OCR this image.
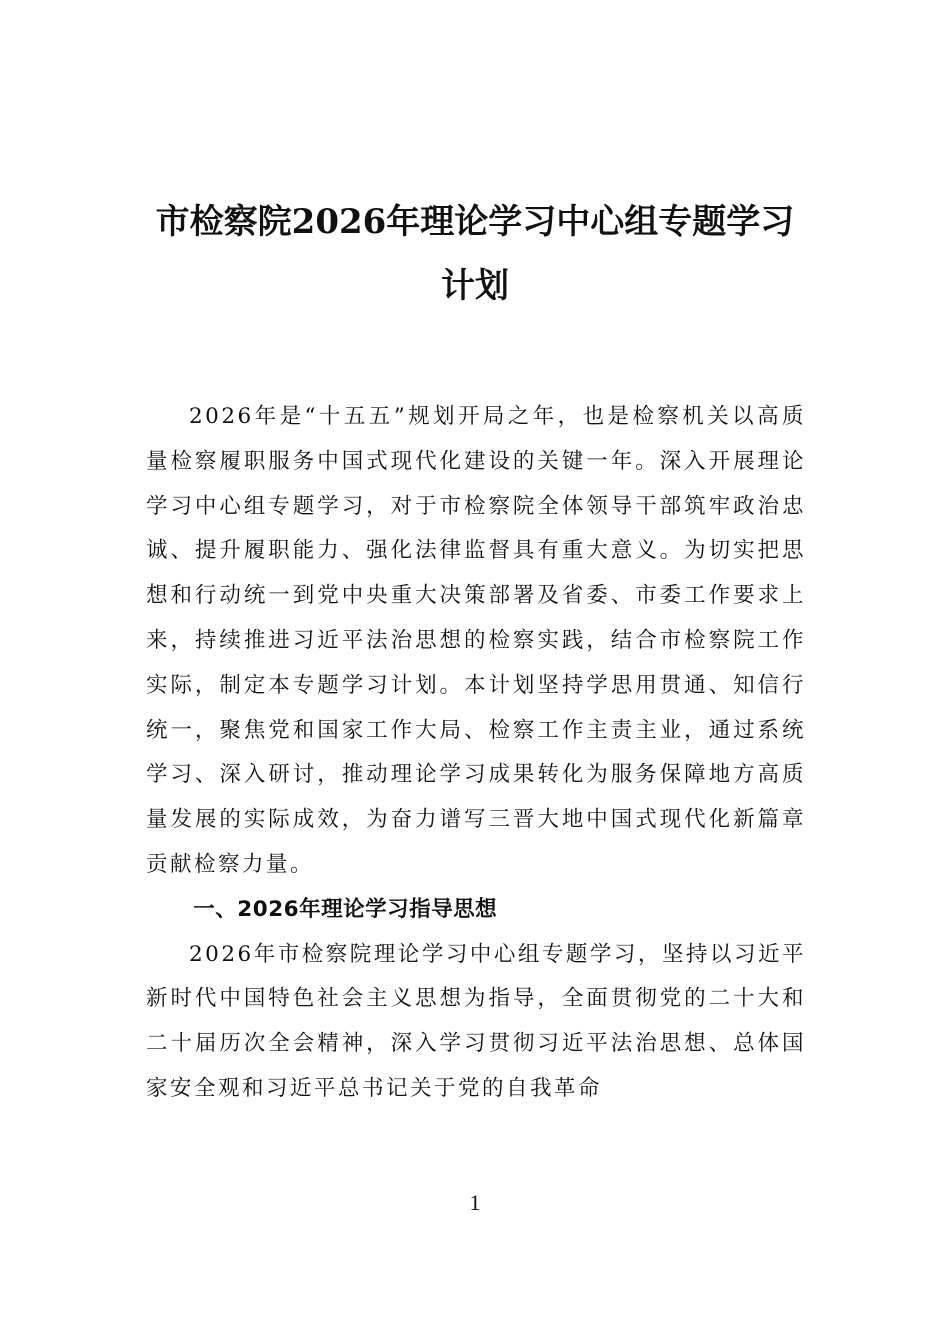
市检察院2026年理论学习中心组专题学习
计划

2026年是“十五五”规划开局之年，也是检察机关以高质量检察履职服务中国式现代化建设的关键一年。深入开展理论学习中心组专题学习，对于市检察院全体领导干部筑牢政治忠诚、提升履职能力、强化法律监督具有重大意义。为切实把思想和行动统一到党中央重大决策部署及省委、市委工作要求上来，持续推进习近平法治思想的检察实践，结合市检察院工作实际，制定本专题学习计划。本计划坚持学思用贯通、知信行统一，聚焦党和国家工作大局、检察工作主责主业，通过系统学习、深入研讨，推动理论学习成果转化为服务保障地方高质量发展的实际成效，为奋力谱写三晋大地中国式现代化新篇章贡献检察力量。

一、2026年理论学习指导思想

2026年市检察院理论学习中心组专题学习，坚持以习近平新时代中国特色社会主义思想为指导，全面贯彻党的二十大和二十届历次全会精神，深入学习贯彻习近平法治思想、总体国家安全观和习近平总书记关于党的自我革命

1
